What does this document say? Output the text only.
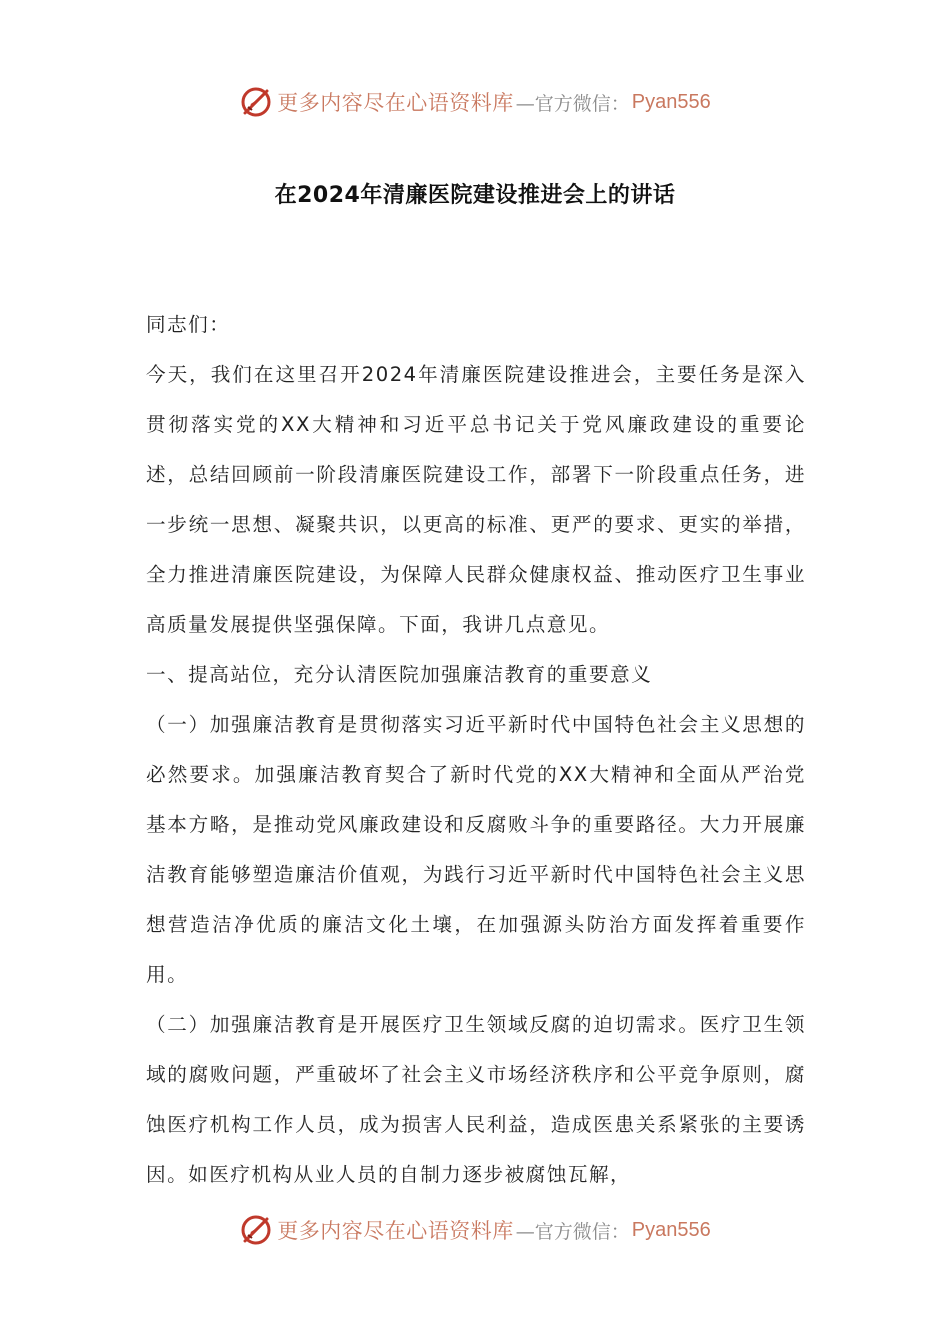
更多内容尽在心语资料库 —官方微信： Pyan556
在2024年清廉医院建设推进会上的讲话

同志们：

今天，我们在这里召开2024年清廉医院建设推进会，主要任务是深入贯彻落实党的XX大精神和习近平总书记关于党风廉政建设的重要论述，总结回顾前一阶段清廉医院建设工作，部署下一阶段重点任务，进一步统一思想、凝聚共识，以更高的标准、更严的要求、更实的举措，全力推进清廉医院建设，为保障人民群众健康权益、推动医疗卫生事业高质量发展提供坚强保障。下面，我讲几点意见。

一、提高站位，充分认清医院加强廉洁教育的重要意义

（一）加强廉洁教育是贯彻落实习近平新时代中国特色社会主义思想的必然要求。加强廉洁教育契合了新时代党的XX大精神和全面从严治党基本方略，是推动党风廉政建设和反腐败斗争的重要路径。大力开展廉洁教育能够塑造廉洁价值观，为践行习近平新时代中国特色社会主义思想营造洁净优质的廉洁文化土壤，在加强源头防治方面发挥着重要作用。

（二）加强廉洁教育是开展医疗卫生领域反腐的迫切需求。医疗卫生领域的腐败问题，严重破坏了社会主义市场经济秩序和公平竞争原则，腐蚀医疗机构工作人员，成为损害人民利益，造成医患关系紧张的主要诱因。如医疗机构从业人员的自制力逐步被腐蚀瓦解，

更多内容尽在心语资料库 —官方微信： Pyan556
